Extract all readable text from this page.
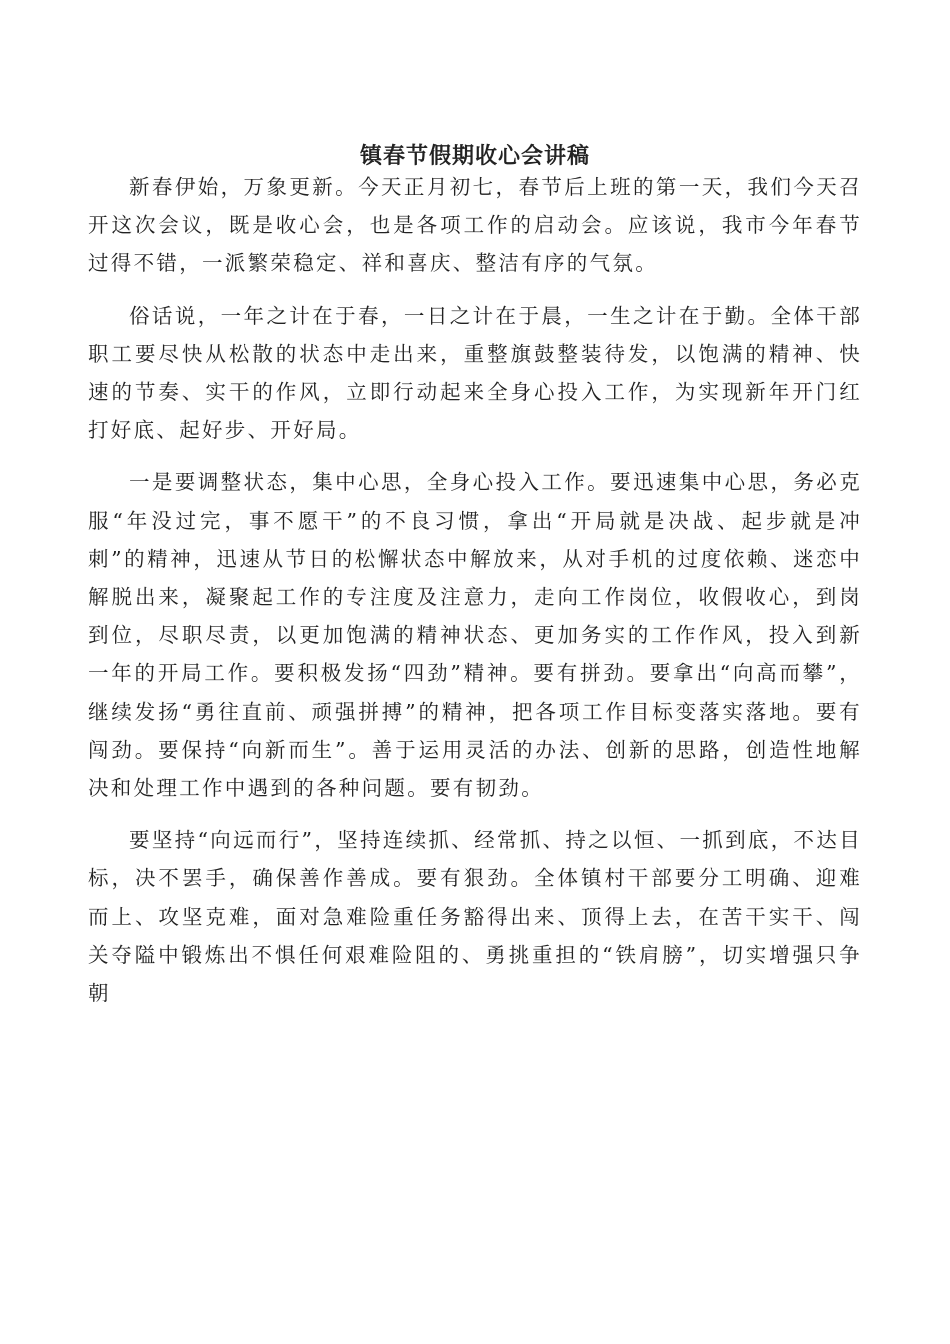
镇春节假期收心会讲稿

新春伊始，万象更新。今天正月初七，春节后上班的第一天，我们今天召开这次会议，既是收心会，也是各项工作的启动会。应该说，我市今年春节过得不错，一派繁荣稳定、祥和喜庆、整洁有序的气氛。

俗话说，一年之计在于春，一日之计在于晨，一生之计在于勤。全体干部职工要尽快从松散的状态中走出来，重整旗鼓整装待发，以饱满的精神、快速的节奏、实干的作风，立即行动起来全身心投入工作，为实现新年开门红打好底、起好步、开好局。

一是要调整状态，集中心思，全身心投入工作。要迅速集中心思，务必克服“年没过完，事不愿干”的不良习惯，拿出“开局就是决战、起步就是冲刺”的精神，迅速从节日的松懈状态中解放来，从对手机的过度依赖、迷恋中解脱出来，凝聚起工作的专注度及注意力，走向工作岗位，收假收心，到岗到位，尽职尽责，以更加饱满的精神状态、更加务实的工作作风，投入到新一年的开局工作。要积极发扬“四劲”精神。要有拼劲。要拿出“向高而攀”，继续发扬“勇往直前、顽强拼搏”的精神，把各项工作目标变落实落地。要有闯劲。要保持“向新而生”。善于运用灵活的办法、创新的思路，创造性地解决和处理工作中遇到的各种问题。要有韧劲。

要坚持“向远而行”，坚持连续抓、经常抓、持之以恒、一抓到底，不达目标，决不罢手，确保善作善成。要有狠劲。全体镇村干部要分工明确、迎难而上、攻坚克难，面对急难险重任务豁得出来、顶得上去，在苦干实干、闯关夺隘中锻炼出不惧任何艰难险阻的、勇挑重担的“铁肩膀”，切实增强只争朝
